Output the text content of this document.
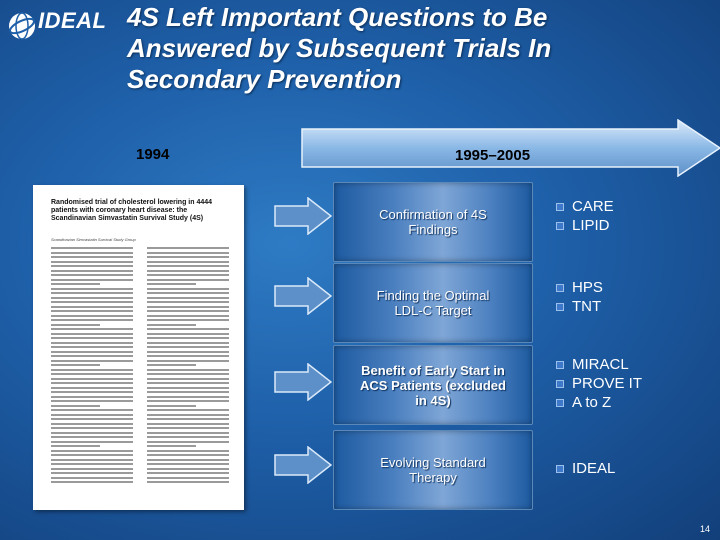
IDEAL 4S Left Important Questions to Be
Answered by Subsequent Trials In
Secondary Prevention
1994	1995–2005
Randomised trial of cholesterol lowering in 4444 patients with coronary heart disease: the Scandinavian Simvastatin Survival Study (4S)
Scandinavian Simvastatin Survival Study Group
Confirmation of 4S Findings
Finding the Optimal LDL-C Target
Benefit of Early Start in ACS Patients (excluded in 4S)
Evolving Standard Therapy
CARE
LIPID
HPS
TNT
MIRACL
PROVE IT
A to Z
IDEAL
14
